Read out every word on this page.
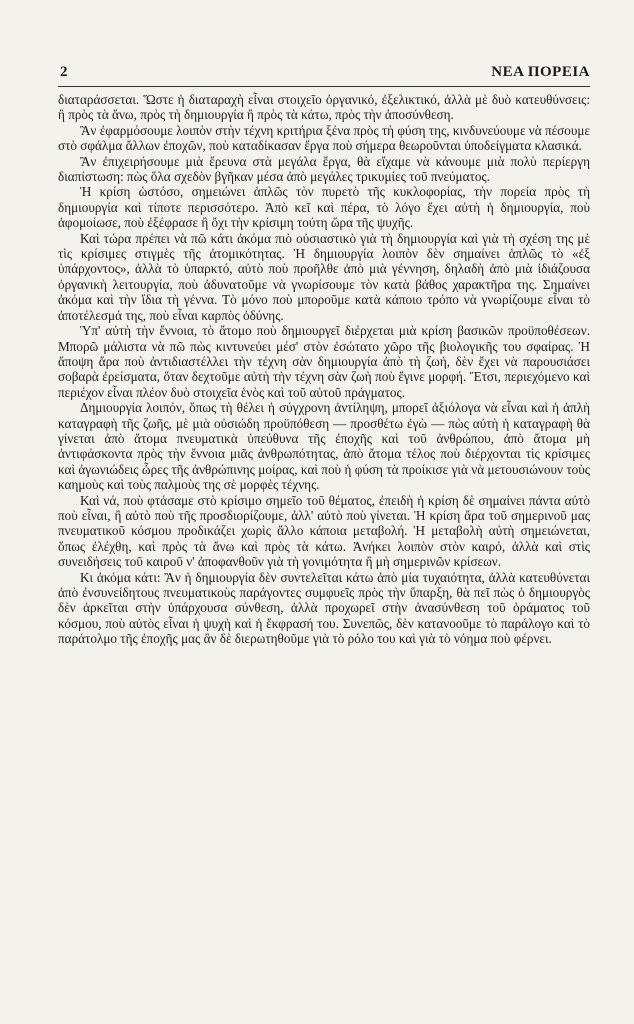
2	ΝΕΑ ΠΟΡΕΙΑ

διαταράσσεται. Ὥστε ἡ διαταραχὴ εἶναι στοιχεῖο ὀργανικό, ἐξελικτικό, ἀλλὰ μὲ δυὸ κατευθύνσεις: ἢ πρὸς τὰ ἄνω, πρὸς τὴ δημιουργία ἢ πρὸς τὰ κάτω, πρὸς τὴν ἀποσύνθεση.

Ἂν ἐφαρμόσουμε λοιπὸν στὴν τέχνη κριτήρια ξένα πρὸς τὴ φύση της, κινδυνεύουμε νὰ πέσουμε στὸ σφάλμα ἄλλων ἐποχῶν, ποὺ καταδίκασαν ἔργα ποὺ σήμερα θεωροῦνται ὑποδείγματα κλασικά.

Ἂν ἐπιχειρήσουμε μιὰ ἔρευνα στὰ μεγάλα ἔργα, θὰ εἴχαμε νὰ κάνουμε μιὰ πολὺ περίεργη διαπίστωση: πὼς ὅλα σχεδὸν βγῆκαν μέσα ἀπὸ μεγάλες τρικυμίες τοῦ πνεύματος.

Ἡ κρίση ὡστόσο, σημειώνει ἁπλῶς τὸν πυρετὸ τῆς κυκλοφορίας, τὴν πορεία πρὸς τὴ δημιουργία καὶ τίποτε περισσότερο. Ἀπὸ κεῖ καὶ πέρα, τὸ λόγο ἔχει αὐτὴ ἡ δημιουργία, ποὺ ἀφομοίωσε, ποὺ ἐξέφρασε ἢ ὄχι τὴν κρίσιμη τούτη ὥρα τῆς ψυχῆς.

Καὶ τώρα πρέπει νὰ πῶ κάτι ἀκόμα πιὸ οὐσιαστικὸ γιὰ τὴ δημιουργία καὶ γιὰ τὴ σχέση της μὲ τὶς κρίσιμες στιγμὲς τῆς ἀτομικότητας. Ἡ δημιουργία λοιπὸν δὲν σημαίνει ἁπλῶς τὸ «ἐξ ὑπάρχοντος», ἀλλὰ τὸ ὑπαρκτό, αὐτὸ ποὺ προῆλθε ἀπὸ μιὰ γέννηση, δηλαδὴ ἀπὸ μιὰ ἰδιάζουσα ὀργανικὴ λειτουργία, ποὺ ἀδυνατοῦμε νὰ γνωρίσουμε τὸν κατὰ βάθος χαρακτῆρα της. Σημαίνει ἀκόμα καὶ τὴν ἴδια τὴ γέννα. Τὸ μόνο ποὺ μποροῦμε κατὰ κάποιο τρόπο νὰ γνωρίζουμε εἶναι τὸ ἀποτέλεσμά της, ποὺ εἶναι καρπὸς ὀδύνης.

Ὑπ' αὐτὴ τὴν ἔννοια, τὸ ἄτομο ποὺ δημιουργεῖ διέρχεται μιὰ κρίση βασικῶν προϋποθέσεων. Μπορῶ μάλιστα νὰ πῶ πὼς κιντυνεύει μέσ' στὸν ἐσώτατο χῶρο τῆς βιολογικῆς του σφαίρας. Ἡ ἄποψη ἄρα ποὺ ἀντιδιαστέλλει τὴν τέχνη σὰν δημιουργία ἀπὸ τὴ ζωή, δὲν ἔχει νὰ παρουσιάσει σοβαρὰ ἐρείσματα, ὅταν δεχτοῦμε αὐτὴ τὴν τέχνη σὰν ζωὴ ποὺ ἔγινε μορφή. Ἔτσι, περιεχόμενο καὶ περιέχον εἶναι πλέον δυὸ στοιχεῖα ἑνὸς καὶ τοῦ αὐτοῦ πράγματος.

Δημιουργία λοιπόν, ὅπως τὴ θέλει ἡ σύγχρονη ἀντίληψη, μπορεῖ ἀξιόλογα νὰ εἶναι καὶ ἡ ἁπλὴ καταγραφὴ τῆς ζωῆς, μὲ μιὰ οὐσιώδη προϋπόθεση — προσθέτω ἐγὼ — πὼς αὐτὴ ἡ καταγραφὴ θὰ γίνεται ἀπὸ ἄτομα πνευματικὰ ὑπεύθυνα τῆς ἐποχῆς καὶ τοῦ ἀνθρώπου, ἀπὸ ἄτομα μὴ ἀντιφάσκοντα πρὸς τὴν ἔννοια μιᾶς ἀνθρωπότητας, ἀπὸ ἄτομα τέλος ποὺ διέρχονται τὶς κρίσιμες καὶ ἀγωνιώδεις ὧρες τῆς ἀνθρώπινης μοίρας, καὶ ποὺ ἡ φύση τὰ προίκισε γιὰ νὰ μετουσιώνουν τοὺς καημοὺς καὶ τοὺς παλμοὺς της σὲ μορφὲς τέχνης.

Καὶ νά, ποὺ φτάσαμε στὸ κρίσιμο σημεῖο τοῦ θέματος, ἐπειδὴ ἡ κρίση δὲ σημαίνει πάντα αὐτὸ ποὺ εἶναι, ἢ αὐτὸ ποὺ τῆς προσδιορίζουμε, ἀλλ' αὐτὸ ποὺ γίνεται. Ἡ κρίση ἄρα τοῦ σημερινοῦ μας πνευματικοῦ κόσμου προδικάζει χωρὶς ἄλλο κάποια μεταβολή. Ἡ μεταβολὴ αὐτὴ σημειώνεται, ὅπως ἐλέχθη, καὶ πρὸς τὰ ἄνω καὶ πρὸς τὰ κάτω. Ἀνήκει λοιπὸν στὸν καιρό, ἀλλὰ καὶ στὶς συνειδήσεις τοῦ καιροῦ ν' ἀποφανθοῦν γιὰ τὴ γονιμότητα ἢ μὴ σημερινῶν κρίσεων.

Κι ἀκόμα κάτι: Ἂν ἡ δημιουργία δὲν συντελεῖται κάτω ἀπὸ μία τυχαιότητα, ἀλλὰ κατευθύνεται ἀπὸ ἐνσυνείδητους πνευματικοὺς παράγοντες συμφυεῖς πρὸς τὴν ὕπαρξη, θὰ πεῖ πὼς ὁ δημιουργὸς δὲν ἀρκεῖται στὴν ὑπάρχουσα σύνθεση, ἀλλὰ προχωρεῖ στὴν ἀνασύνθεση τοῦ ὁράματος τοῦ κόσμου, ποὺ αὐτὸς εἶναι ἡ ψυχὴ καὶ ἡ ἔκφρασή του. Συνεπῶς, δὲν κατανοοῦμε τὸ παράλογο καὶ τὸ παράτολμο τῆς ἐποχῆς μας ἂν δὲ διερωτηθοῦμε γιὰ τὸ ρόλο του καὶ γιὰ τὸ νόημα ποὺ φέρνει.
